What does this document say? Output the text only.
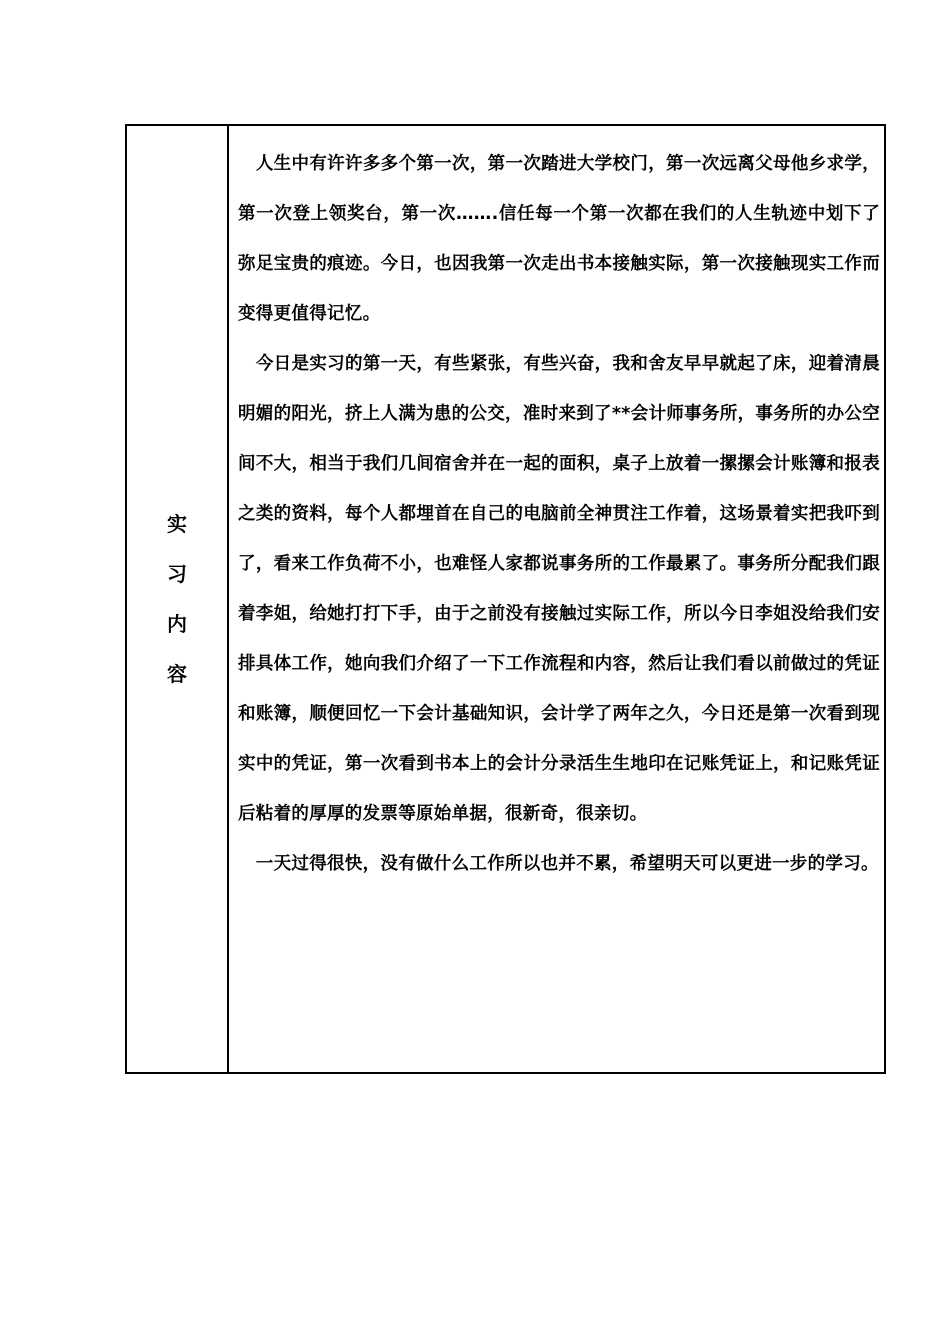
实
习
内
容

　人生中有许许多多个第一次，第一次踏进大学校门，第一次远离父母他乡求学，第一次登上领奖台，第一次…….信任每一个第一次都在我们的人生轨迹中划下了弥足宝贵的痕迹。今日，也因我第一次走出书本接触实际，第一次接触现实工作而变得更值得记忆。

　今日是实习的第一天，有些紧张，有些兴奋，我和舍友早早就起了床，迎着清晨明媚的阳光，挤上人满为患的公交，准时来到了**会计师事务所，事务所的办公空间不大，相当于我们几间宿舍并在一起的面积，桌子上放着一摞摞会计账簿和报表之类的资料，每个人都埋首在自己的电脑前全神贯注工作着，这场景着实把我吓到了，看来工作负荷不小，也难怪人家都说事务所的工作最累了。事务所分配我们跟着李姐，给她打打下手，由于之前没有接触过实际工作，所以今日李姐没给我们安排具体工作，她向我们介绍了一下工作流程和内容，然后让我们看以前做过的凭证和账簿，顺便回忆一下会计基础知识，会计学了两年之久，今日还是第一次看到现实中的凭证，第一次看到书本上的会计分录活生生地印在记账凭证上，和记账凭证后粘着的厚厚的发票等原始单据，很新奇，很亲切。

　一天过得很快，没有做什么工作所以也并不累，希望明天可以更进一步的学习。
